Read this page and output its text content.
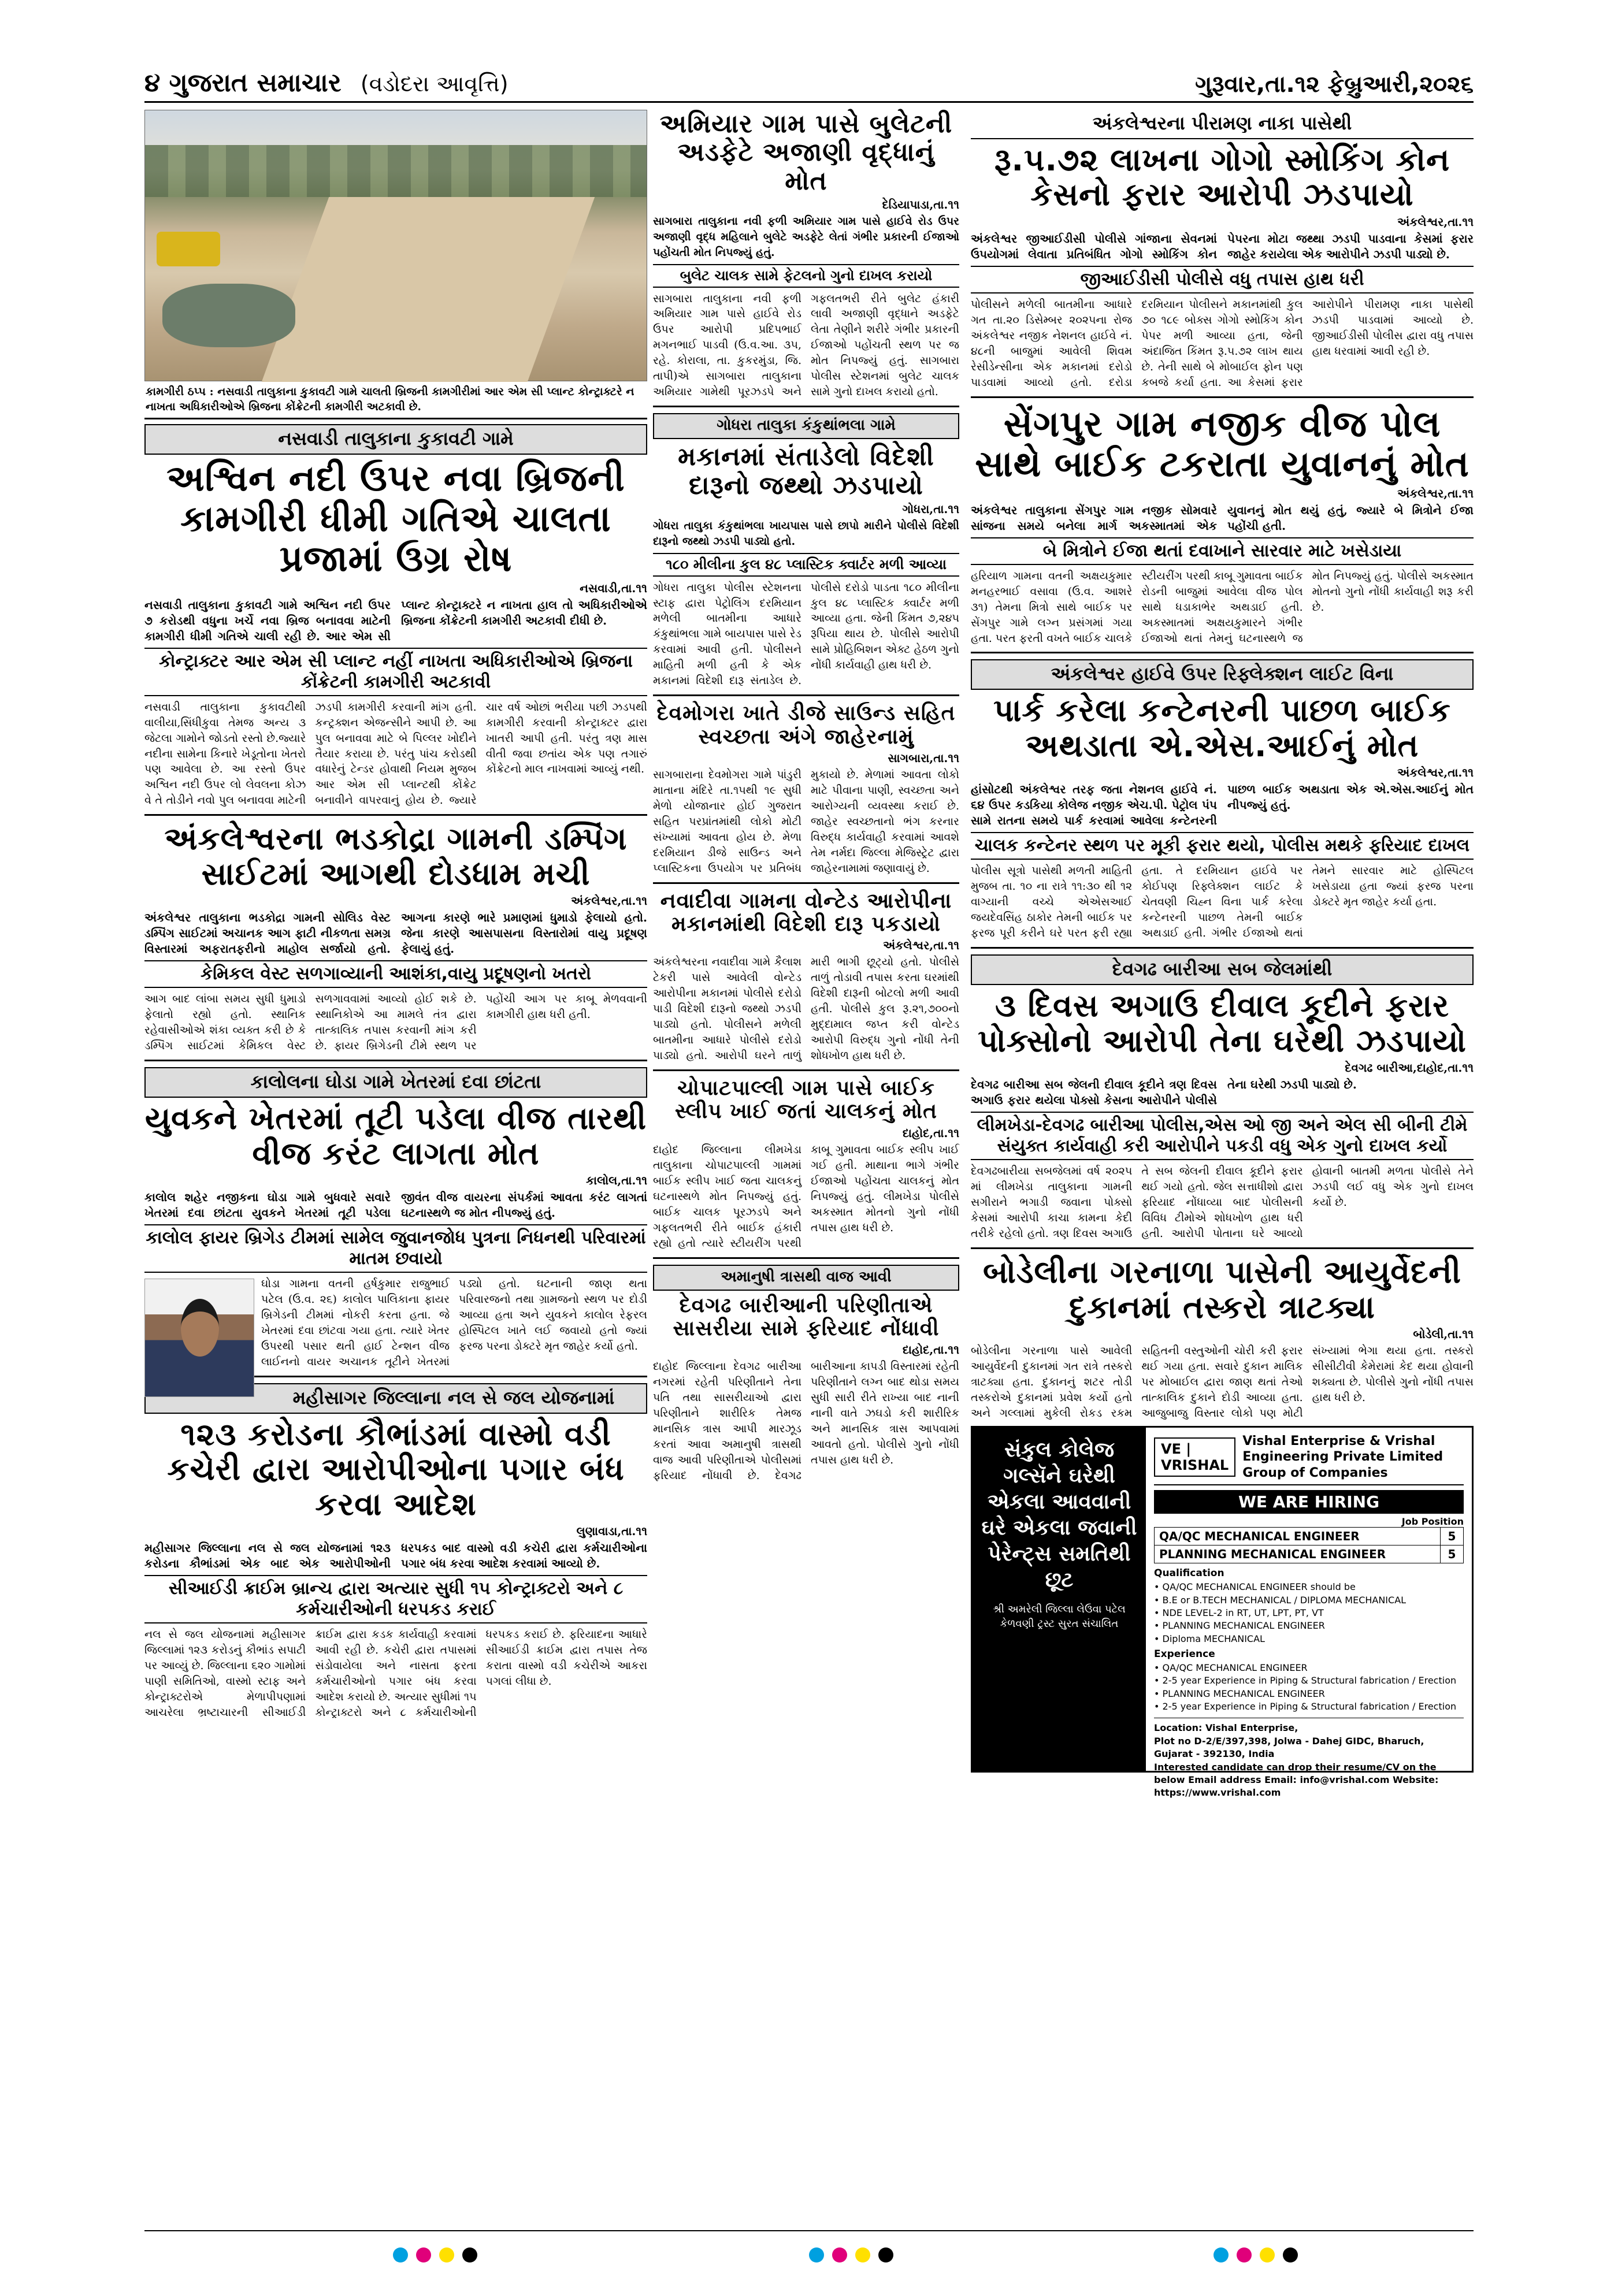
૪ ગુજરાત સમાચાર (વડોદરા આવૃત્તિ)	ગુરૂવાર,તા.૧૨ ફેબ્રુઆરી,૨૦૨૬
કામગીરી ઠપ્પ : નસવાડી તાલુકાના કુકાવટી ગામે ચાલતી બ્રિજની કામગીરીમાં આર એમ સી પ્લાન્ટ કોન્ટ્રાક્ટરે ન નાખતા અધિકારીઓએ બ્રિજના કોંક્રેટની કામગીરી અટકાવી છે.
નસવાડી તાલુકાના કુકાવટી ગામે
અશ્વિન નદી ઉપર નવા બ્રિજની કામગીરી ધીમી ગતિએ ચાલતા પ્રજામાં ઉગ્ર રોષ
નસવાડી,તા.૧૧

નસવાડી તાલુકાના કુકાવટી ગામે અશ્વિન નદી ઉપર ૭ કરોડથી વધુના ખર્ચે નવા બ્રિજ બનાવવા માટેની કામગીરી ધીમી ગતિએ ચાલી રહી છે. આર એમ સી પ્લાન્ટ કોન્ટ્રાક્ટરે ન નાખતા હાલ તો અધિકારીઓએ બ્રિજના કોંક્રેટની કામગીરી અટકાવી દીધી છે.

કોન્ટ્રાક્ટર આર એમ સી પ્લાન્ટ નહીં નાખતા અધિકારીઓએ બ્રિજના કોંક્રેટની કામગીરી અટકાવી

નસવાડી તાલુકાના કુકાવટીથી વાલીયા,સિંધીકુવા તેમજ અન્ય ૩ જેટલા ગામોને જોડતો રસ્તો છે.જ્યારે નદીના સામેના કિનારે ખેડૂતોના ખેતરો પણ આવેલા છે. આ રસ્તો ઉપર અશ્વિન નદી ઉપર લો લેવલના કોઝ વે તે તોડીને નવો પુલ બનાવવા માટેની ઝડપી કામગીરી કરવાની માંગ હતી. કન્ટ્રક્શન એજન્સીને આપી છે. આ પુલ બનાવવા માટે બે પિલ્લર ખોદીને તૈયાર કરાયા છે. પરંતુ પાંચ કરોડથી વધારેનું ટેન્ડર હોવાથી નિયમ મુજબ આર એમ સી પ્લાન્ટથી કોંક્રેટ બનાવીને વાપરવાનું હોય છે. જ્યારે ચાર વર્ષ ઓછાં ભરીયા પછી ઝડપથી કામગીરી કરવાની કોન્ટ્રાક્ટર દ્વારા ખાતરી આપી હતી. પરંતુ ત્રણ માસ વીતી જવા છતાંય એક પણ તગારું કોંક્રેટનો માલ નાખવામાં આવ્યું નથી.

અંકલેશ્વરના ભડકોદ્રા ગામની ડમ્પિંગ સાઈટમાં આગથી દોડધામ મચી
અંકલેશ્વર,તા.૧૧

અંકલેશ્વર તાલુકાના ભડકોદ્રા ગામની સોલિડ વેસ્ટ ડમ્પિંગ સાઈટમાં અચાનક આગ ફાટી નીકળતા સમગ્ર વિસ્તારમાં અફરાતફરીનો માહોલ સર્જાયો હતો. આગના કારણે ભારે પ્રમાણમાં ધુમાડો ફેલાયો હતો. જેના કારણે આસપાસના વિસ્તારોમાં વાયુ પ્રદૂષણ ફેલાયું હતું.

કેમિકલ વેસ્ટ સળગાવ્યાની આશંકા,વાયુ પ્રદૂષણનો ખતરો

આગ બાદ લાંબા સમય સુધી ધુમાડો ફેલાતો રહ્યો હતો. સ્થાનિક રહેવાસીઓએ શંકા વ્યક્ત કરી છે કે ડમ્પિંગ સાઈટમાં કેમિકલ વેસ્ટ સળગાવવામાં આવ્યો હોઈ શકે છે. સ્થાનિકોએ આ મામલે તંત્ર દ્વારા તાત્કાલિક તપાસ કરવાની માંગ કરી છે. ફાયર બ્રિગેડની ટીમે સ્થળ પર પહોંચી આગ પર કાબૂ મેળવવાની કામગીરી હાથ ધરી હતી.

કાલોલના ઘોડા ગામે ખેતરમાં દવા છાંટતા
યુવકને ખેતરમાં તૂટી પડેલા વીજ તારથી વીજ કરંટ લાગતા મોત
કાલોલ,તા.૧૧

કાલોલ શહેર નજીકના ઘોડા ગામે બુધવારે સવારે ખેતરમાં દવા છાંટતા યુવકને ખેતરમાં તૂટી પડેલા જીવંત વીજ વાયરના સંપર્કમાં આવતા કરંટ લાગતાં ઘટનાસ્થળે જ મોત નીપજ્યું હતું.

કાલોલ ફાયર બ્રિગેડ ટીમમાં સામેલ જુવાનજોધ પુત્રના નિધનથી પરિવારમાં માતમ છવાયો

ઘોડા ગામના વતની હર્ષકુમાર રાજુભાઈ પટેલ (ઉ.વ. ૨૬) કાલોલ પાલિકાના ફાયર બ્રિગેડની ટીમમાં નોકરી કરતા હતા. જે ખેતરમાં દવા છાંટવા ગયા હતા. ત્યારે ખેતર ઉપરથી પસાર થતી હાઈ ટેન્શન વીજ લાઈનનો વાયર અચાનક તૂટીને ખેતરમાં પડ્યો હતો. ઘટનાની જાણ થતા પરિવારજનો તથા ગ્રામજનો સ્થળ પર દોડી આવ્યા હતા અને યુવકને કાલોલ રેફરલ હોસ્પિટલ ખાતે લઈ જવાયો હતો જ્યાં ફરજ પરના ડોક્ટરે મૃત જાહેર કર્યો હતો.

મહીસાગર જિલ્લાના નલ સે જલ યોજનામાં
૧૨૩ કરોડના કૌભાંડમાં વાસ્મો વડી કચેરી દ્વારા આરોપીઓના પગાર બંધ કરવા આદેશ
લુણાવાડા,તા.૧૧

મહીસાગર જિલ્લાના નલ સે જલ યોજનામાં ૧૨૩ કરોડના કૌભાંડમાં એક બાદ એક આરોપીઓની ધરપકડ બાદ વાસ્મો વડી કચેરી દ્વારા કર્મચારીઓના પગાર બંધ કરવા આદેશ કરવામાં આવ્યો છે.

સીઆઈડી ક્રાઈમ બ્રાન્ચ દ્વારા અત્યાર સુધી ૧૫ કોન્ટ્રાક્ટરો અને ૮ કર્મચારીઓની ધરપકડ કરાઈ

નલ સે જલ યોજનામાં મહીસાગર જિલ્લામાં ૧૨૩ કરોડનું કૌભાંડ સપાટી પર આવ્યું છે. જિલ્લાના ૬૨૦ ગામોમાં પાણી સમિતિઓ, વાસ્મો સ્ટાફ અને કોન્ટ્રાક્ટરોએ મેળાપીપણામાં આચરેલા ભ્રષ્ટાચારની સીઆઈડી ક્રાઈમ દ્વારા કડક કાર્યવાહી કરવામાં આવી રહી છે. કચેરી દ્વારા તપાસમાં સંડોવાયેલા અને નાસતા ફરતા કર્મચારીઓનો પગાર બંધ કરવા આદેશ કરાયો છે. અત્યાર સુધીમાં ૧૫ કોન્ટ્રાક્ટરો અને ૮ કર્મચારીઓની ધરપકડ કરાઈ છે. ફરિયાદના આધારે સીઆઈડી ક્રાઈમ દ્વારા તપાસ તેજ કરાતા વાસ્મો વડી કચેરીએ આકરા પગલાં લીધા છે.

અમિયાર ગામ પાસે બુલેટની અડફેટે અજાણી વૃદ્ધાનું મોત
દેડિયાપાડા,તા.૧૧

સાગબારા તાલુકાના નવી ફળી અમિયાર ગામ પાસે હાઈવે રોડ ઉપર અજાણી વૃદ્ધ મહિલાને બુલેટે અડફેટે લેતાં ગંભીર પ્રકારની ઈજાઓ પહોંચતી મોત નિપજ્યું હતું.

બુલેટ ચાલક સામે ફેટલનો ગુનો દાખલ કરાયો

સાગબારા તાલુકાના નવી ફળી અમિયાર ગામ પાસે હાઈવે રોડ ઉપર આરોપી પ્રદિપભાઈ મગનભાઈ પાડવી (ઉ.વ.આ. ૩૫, રહે. કોરાલા, તા. કુકરમુંડા, જિ. તાપી)એ સાગબારા તાલુકાના અમિયાર ગામેથી પૂરઝડપે અને ગફલતભરી રીતે બુલેટ હંકારી લાવી અજાણી વૃદ્ધાને અડફેટે લેતા તેણીને શરીરે ગંભીર પ્રકારની ઈજાઓ પહોંચતી સ્થળ પર જ મોત નિપજ્યું હતું. સાગબારા પોલીસ સ્ટેશનમાં બુલેટ ચાલક સામે ગુનો દાખલ કરાયો હતો.

ગોધરા તાલુકા કંકુથાંભલા ગામે
મકાનમાં સંતાડેલો વિદેશી દારૂનો જથ્થો ઝડપાયો
ગોધરા,તા.૧૧

ગોધરા તાલુકા કંકુથાંભલા ખાયપાસ પાસે છાપો મારીને પોલીસે વિદેશી દારૂનો જથ્થો ઝડપી પાડ્યો હતો.

૧૮૦ મીલીના કુલ ૪૮ પ્લાસ્ટિક ક્વાર્ટર મળી આવ્યા

ગોધરા તાલુકા પોલીસ સ્ટેશનના સ્ટાફ દ્વારા પેટ્રોલિંગ દરમિયાન મળેલી બાતમીના આધારે કંકુથાંભલા ગામે બાયપાસ પાસે રેડ કરવામાં આવી હતી. પોલીસને માહિતી મળી હતી કે એક મકાનમાં વિદેશી દારૂ સંતાડેલ છે. પોલીસે દરોડો પાડતા ૧૮૦ મીલીના કુલ ૪૮ પ્લાસ્ટિક ક્વાર્ટર મળી આવ્યા હતા. જેની કિંમત ૭,૨૪૫ રૂપિયા થાય છે. પોલીસે આરોપી સામે પ્રોહિબિશન એક્ટ હેઠળ ગુનો નોંધી કાર્યવાહી હાથ ધરી છે.

દેવમોગરા ખાતે ડીજે સાઉન્ડ સહિત સ્વચ્છતા અંગે જાહેરનામું
સાગબારા,તા.૧૧

સાગબારાના દેવમોગરા ગામે પાંડુરી માતાના મંદિરે તા.૧૫થી ૧૯ સુધી મેળો યોજાનાર હોઈ ગુજરાત સહિત પરપ્રાંતમાંથી લોકો મોટી સંખ્યામાં આવતા હોય છે. મેળા દરમિયાન ડીજે સાઉન્ડ અને પ્લાસ્ટિકના ઉપયોગ પર પ્રતિબંધ મુકાયો છે. મેળામાં આવતા લોકો માટે પીવાના પાણી, સ્વચ્છતા અને આરોગ્યની વ્યવસ્થા કરાઈ છે. જાહેર સ્વચ્છતાનો ભંગ કરનાર વિરુદ્ધ કાર્યવાહી કરવામાં આવશે તેમ નર્મદા જિલ્લા મેજિસ્ટ્રેટ દ્વારા જાહેરનામામાં જણાવાયું છે.

નવાદીવા ગામના વોન્ટેડ આરોપીના મકાનમાંથી વિદેશી દારૂ પકડાયો
અંકલેશ્વર,તા.૧૧

અંકલેશ્વરના નવાદીવા ગામે કૈલાશ ટેકરી પાસે આવેલી વોન્ટેડ આરોપીના મકાનમાં પોલીસે દરોડો પાડી વિદેશી દારૂનો જથ્થો ઝડપી પાડ્યો હતો. પોલીસને મળેલી બાતમીના આધારે પોલીસે દરોડો પાડ્યો હતો. આરોપી ઘરને તાળું મારી ભાગી છૂટ્યો હતો. પોલીસે તાળું તોડાવી તપાસ કરતા ઘરમાંથી વિદેશી દારૂની બોટલો મળી આવી હતી. પોલીસે કુલ રૂ.૨૧,૭૦૦નો મુદ્દામાલ જપ્ત કરી વોન્ટેડ આરોપી વિરુદ્ધ ગુનો નોંધી તેની શોધખોળ હાથ ધરી છે.

ચોપાટપાલ્લી ગામ પાસે બાઈક સ્લીપ ખાઈ જતાં ચાલકનું મોત
દાહોદ,તા.૧૧

દાહોદ જિલ્લાના લીમખેડા તાલુકાના ચોપાટપાલ્લી ગામમાં બાઈક સ્લીપ ખાઈ જતા ચાલકનું ઘટનાસ્થળે મોત નિપજ્યું હતું. બાઈક ચાલક પૂરઝડપે અને ગફલતભરી રીતે બાઈક હંકારી રહ્યો હતો ત્યારે સ્ટીયરીંગ પરથી કાબૂ ગુમાવતા બાઈક સ્લીપ ખાઈ ગઈ હતી. માથાના ભાગે ગંભીર ઈજાઓ પહોંચતા ચાલકનું મોત નિપજ્યું હતું. લીમખેડા પોલીસે અકસ્માત મોતનો ગુનો નોંધી તપાસ હાથ ધરી છે.

અમાનુષી ત્રાસથી વાજ આવી
દેવગઢ બારીઆની પરિણીતાએ સાસરીયા સામે ફરિયાદ નોંધાવી
દાહોદ,તા.૧૧

દાહોદ જિલ્લાના દેવગઢ બારીઆ નગરમાં રહેતી પરિણીતાને તેના પતિ તથા સાસરીયાઓ દ્વારા પરિણીતાને શારીરિક તેમજ માનસિક ત્રાસ આપી મારઝૂડ કરતાં આવા અમાનુષી ત્રાસથી વાજ આવી પરિણીતાએ પોલીસમાં ફરિયાદ નોંધાવી છે. દેવગઢ બારીઆના કાપડી વિસ્તારમાં રહેતી પરિણીતાને લગ્ન બાદ થોડા સમય સુધી સારી રીતે રાખ્યા બાદ નાની નાની વાતે ઝઘડો કરી શારીરિક અને માનસિક ત્રાસ આપવામાં આવતો હતો. પોલીસે ગુનો નોંધી તપાસ હાથ ધરી છે.

અંકલેશ્વરના પીરામણ નાકા પાસેથી
રૂ.૫.૭૨ લાખના ગોગો સ્મોકિંગ કોન કેસનો ફરાર આરોપી ઝડપાયો
અંકલેશ્વર,તા.૧૧

અંકલેશ્વર જીઆઈડીસી પોલીસે ગાંજાના સેવનમાં ઉપયોગમાં લેવાતા પ્રતિબંધિત ગોગો સ્મોકિંગ કોન પેપરના મોટા જથ્થા ઝડપી પાડવાના કેસમાં ફરાર જાહેર કરાયેલા એક આરોપીને ઝડપી પાડ્યો છે.

જીઆઈડીસી પોલીસે વધુ તપાસ હાથ ધરી

પોલીસને મળેલી બાતમીના આધારે ગત તા.૨૦ ડિસેમ્બર ૨૦૨૫ના રોજ અંકલેશ્વર નજીક નેશનલ હાઈવે નં. ૪૮ની બાજુમાં આવેલી શિવમ રેસીડેન્સીના એક મકાનમાં દરોડો પાડવામાં આવ્યો હતો. દરોડા દરમિયાન પોલીસને મકાનમાંથી કુલ ૭૦ ૧૮૯ બોક્સ ગોગો સ્મોકિંગ કોન પેપર મળી આવ્યા હતા, જેની અંદાજિત કિંમત રૂ.૫.૭૨ લાખ થાય છે. તેની સાથે બે મોબાઈલ ફોન પણ કબજે કર્યા હતા. આ કેસમાં ફરાર આરોપીને પીરામણ નાકા પાસેથી ઝડપી પાડવામાં આવ્યો છે. જીઆઈડીસી પોલીસ દ્વારા વધુ તપાસ હાથ ધરવામાં આવી રહી છે.

સેંગપુર ગામ નજીક વીજ પોલ સાથે બાઈક ટકરાતા યુવાનનું મોત
અંકલેશ્વર,તા.૧૧

અંકલેશ્વર તાલુકાના સેંગપુર ગામ નજીક સોમવારે સાંજના સમયે બનેલા માર્ગ અકસ્માતમાં એક યુવાનનું મોત થયું હતું, જ્યારે બે મિત્રોને ઈજા પહોંચી હતી.

બે મિત્રોને ઈજા થતાં દવાખાને સારવાર માટે ખસેડાયા

હરિયાળ ગામના વતની અક્ષયકુમાર મનહરભાઈ વસાવા (ઉ.વ. આશરે ૩૧) તેમના મિત્રો સાથે બાઈક પર સેંગપુર ગામે લગ્ન પ્રસંગમાં ગયા હતા. પરત ફરતી વખતે બાઈક ચાલકે સ્ટીયરીંગ પરથી કાબૂ ગુમાવતા બાઈક રોડની બાજુમાં આવેલા વીજ પોલ સાથે ધડાકાભેર અથડાઈ હતી. અકસ્માતમાં અક્ષયકુમારને ગંભીર ઈજાઓ થતાં તેમનું ઘટનાસ્થળે જ મોત નિપજ્યું હતું. પોલીસે અકસ્માત મોતનો ગુનો નોંધી કાર્યવાહી શરૂ કરી છે.

અંકલેશ્વર હાઈવે ઉપર રિફ્લેક્શન લાઈટ વિના
પાર્ક કરેલા કન્ટેનરની પાછળ બાઈક અથડાતા એ.એસ.આઈનું મોત
અંકલેશ્વર,તા.૧૧

હાંસોટથી અંકલેશ્વર તરફ જતા નેશનલ હાઈવે નં. ૬૪ ઉપર કડકિયા કોલેજ નજીક એચ.પી. પેટ્રોલ પંપ સામે રાતના સમયે પાર્ક કરવામાં આવેલા કન્ટેનરની પાછળ બાઈક અથડાતા એક એ.એસ.આઈનું મોત નીપજ્યું હતું.

ચાલક કન્ટેનર સ્થળ પર મૂકી ફરાર થયો, પોલીસ મથકે ફરિયાદ દાખલ

પોલીસ સૂત્રો પાસેથી મળતી માહિતી મુજબ તા. ૧૦ ના રાત્રે ૧૧:૩૦ થી ૧૨ વાગ્યાની વચ્ચે એએસઆઈ જયદેવસિંહ ઠાકોર તેમની બાઈક પર ફરજ પૂરી કરીને ઘરે પરત ફરી રહ્યા હતા. તે દરમિયાન હાઈવે પર કોઈપણ રિફ્લેક્શન લાઈટ કે ચેતવણી ચિહ્ન વિના પાર્ક કરેલા કન્ટેનરની પાછળ તેમની બાઈક અથડાઈ હતી. ગંભીર ઈજાઓ થતાં તેમને સારવાર માટે હોસ્પિટલ ખસેડાયા હતા જ્યાં ફરજ પરના ડોક્ટરે મૃત જાહેર કર્યા હતા.

દેવગઢ બારીઆ સબ જેલમાંથી
૩ દિવસ અગાઉ દીવાલ કૂદીને ફરાર પોક્સોનો આરોપી તેના ઘરેથી ઝડપાયો
દેવગઢ બારીઆ,દાહોદ,તા.૧૧

દેવગઢ બારીઆ સબ જેલની દીવાલ કૂદીને ત્રણ દિવસ અગાઉ ફરાર થયેલા પોક્સો કેસના આરોપીને પોલીસે તેના ઘરેથી ઝડપી પાડ્યો છે.

લીમખેડા-દેવગઢ બારીઆ પોલીસ,એસ ઓ જી અને એલ સી બીની ટીમે સંયુક્ત કાર્યવાહી કરી આરોપીને પકડી વધુ એક ગુનો દાખલ કર્યો

દેવગઢબારીયા સબજેલમાં વર્ષ ૨૦૨૫ માં લીમખેડા તાલુકાના ગામની સગીરાને ભગાડી જવાના પોક્સો કેસમાં આરોપી કાચા કામના કેદી તરીકે રહેલો હતો. ત્રણ દિવસ અગાઉ તે સબ જેલની દીવાલ કૂદીને ફરાર થઈ ગયો હતો. જેલ સત્તાધીશો દ્વારા ફરિયાદ નોંધાવ્યા બાદ પોલીસની વિવિધ ટીમોએ શોધખોળ હાથ ધરી હતી. આરોપી પોતાના ઘરે આવ્યો હોવાની બાતમી મળતા પોલીસે તેને ઝડપી લઈ વધુ એક ગુનો દાખલ કર્યો છે.

બોડેલીના ગરનાળા પાસેની આયુર્વેદની દુકાનમાં તસ્કરો ત્રાટક્યા
બોડેલી,તા.૧૧

બોડેલીના ગરનાળા પાસે આવેલી આયુર્વેદની દુકાનમાં ગત રાત્રે તસ્કરો ત્રાટક્યા હતા. દુકાનનું શટર તોડી તસ્કરોએ દુકાનમાં પ્રવેશ કર્યો હતો અને ગલ્લામાં મુકેલી રોકડ રકમ સહિતની વસ્તુઓની ચોરી કરી ફરાર થઈ ગયા હતા. સવારે દુકાન માલિક પર મોબાઈલ દ્વારા જાણ થતાં તેઓ તાત્કાલિક દુકાને દોડી આવ્યા હતા. આજુબાજુ વિસ્તાર લોકો પણ મોટી સંખ્યામાં ભેગા થયા હતા. તસ્કરો સીસીટીવી કેમેરામાં કેદ થયા હોવાની શક્યતા છે. પોલીસે ગુનો નોંધી તપાસ હાથ ધરી છે.

સંકુલ કોલેજ ગલ્સૅને ઘરેથી એકલા આવવાની ઘરે એકલા જવાની પેરેન્ટ્સ સમતિથી છૂટ
શ્રી અમરેલી જિલ્લા લેઉવા પટેલ કેળવણી ટ્રસ્ટ સુરત સંચાલિત
VE | VRISHAL
Vishal Enterprise & Vrishal Engineering Private Limited Group of Companies
WE ARE HIRING
Job Position
QA/QC MECHANICAL ENGINEER	5
PLANNING MECHANICAL ENGINEER	5
Qualification
• QA/QC MECHANICAL ENGINEER should be
• B.E or B.TECH MECHANICAL / DIPLOMA MECHANICAL
• NDE LEVEL-2 in RT, UT, LPT, PT, VT
• PLANNING MECHANICAL ENGINEER
• Diploma MECHANICAL
Experience
• QA/QC MECHANICAL ENGINEER
• 2-5 year Experience in Piping & Structural fabrication / Erection
• PLANNING MECHANICAL ENGINEER
• 2-5 year Experience in Piping & Structural fabrication / Erection
Location: Vishal Enterprise,
Plot no D-2/E/397,398, Jolwa - Dahej GIDC, Bharuch, Gujarat - 392130, India
Interested candidate can drop their resume/CV on the below Email address Email: info@vrishal.com Website: https://www.vrishal.com
